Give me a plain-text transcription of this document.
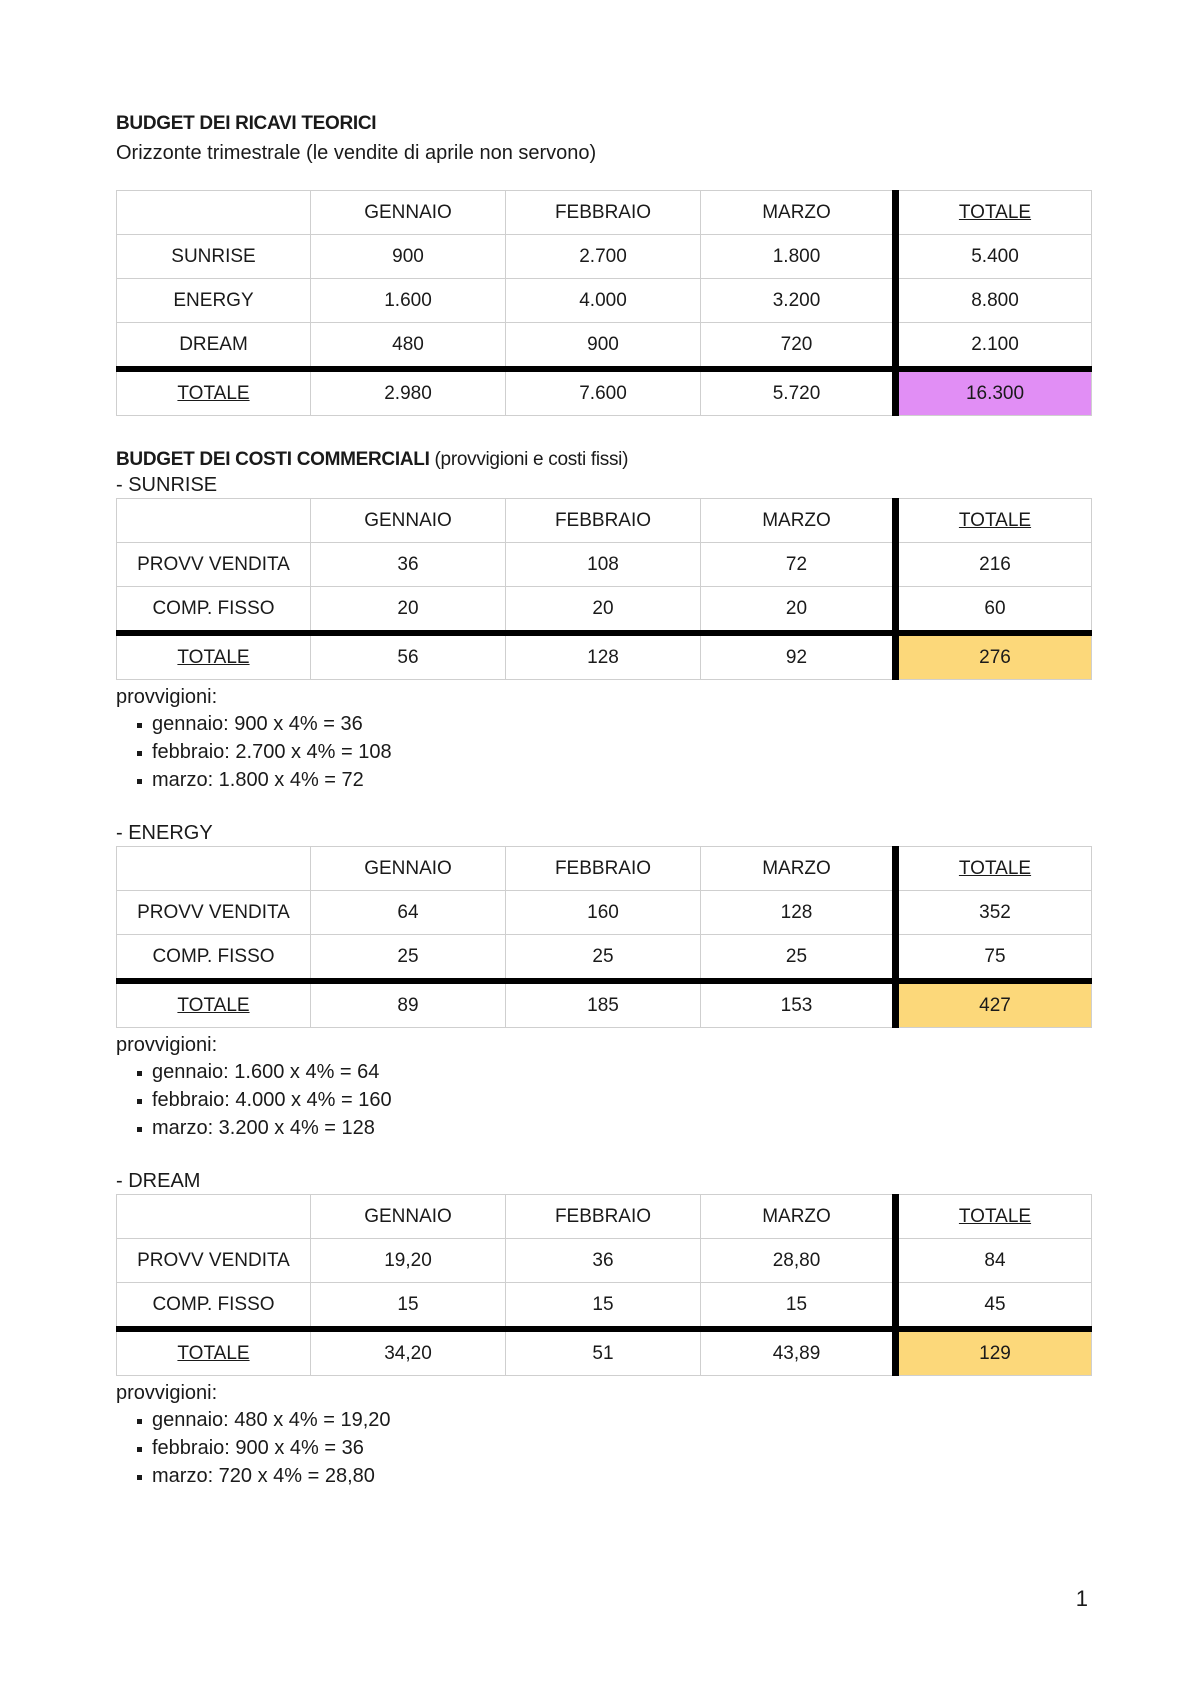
BUDGET DEI RICAVI TEORICI

Orizzonte trimestrale (le vendite di aprile non servono)

	GENNAIO	FEBBRAIO	MARZO	TOTALE
SUNRISE	900	2.700	1.800	5.400
ENERGY	1.600	4.000	3.200	8.800
DREAM	480	900	720	2.100
TOTALE	2.980	7.600	5.720	16.300
BUDGET DEI COSTI COMMERCIALI (provvigioni e costi fissi)

- SUNRISE

	GENNAIO	FEBBRAIO	MARZO	TOTALE
PROVV VENDITA	36	108	72	216
COMP. FISSO	20	20	20	60
TOTALE	56	128	92	276

provvigioni:

gennaio: 900 x 4% = 36
febbraio: 2.700 x 4% = 108
marzo: 1.800 x 4% = 72

- ENERGY

	GENNAIO	FEBBRAIO	MARZO	TOTALE
PROVV VENDITA	64	160	128	352
COMP. FISSO	25	25	25	75
TOTALE	89	185	153	427

provvigioni:

gennaio: 1.600 x 4% = 64
febbraio: 4.000 x 4% = 160
marzo: 3.200 x 4% = 128

- DREAM

	GENNAIO	FEBBRAIO	MARZO	TOTALE
PROVV VENDITA	19,20	36	28,80	84
COMP. FISSO	15	15	15	45
TOTALE	34,20	51	43,89	129

provvigioni:

gennaio: 480 x 4% = 19,20
febbraio: 900 x 4% = 36
marzo: 720 x 4% = 28,80
1
